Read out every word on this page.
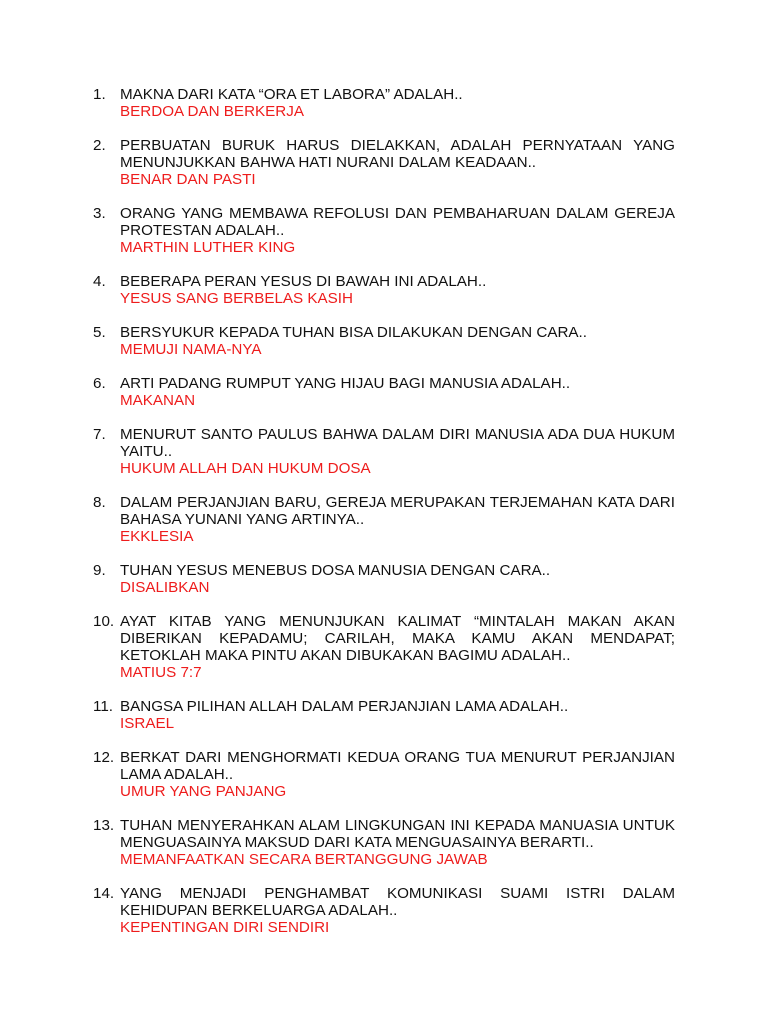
1. MAKNA DARI KATA “ORA ET LABORA” ADALAH..
BERDOA DAN BERKERJA
2. PERBUATAN BURUK HARUS DIELAKKAN, ADALAH PERNYATAAN YANG MENUNJUKKAN BAHWA HATI NURANI DALAM KEADAAN..
BENAR DAN PASTI
3. ORANG YANG MEMBAWA REFOLUSI DAN PEMBAHARUAN DALAM GEREJA PROTESTAN ADALAH..
MARTHIN LUTHER KING
4. BEBERAPA PERAN YESUS DI BAWAH INI ADALAH..
YESUS SANG BERBELAS KASIH
5. BERSYUKUR KEPADA TUHAN BISA DILAKUKAN DENGAN CARA..
MEMUJI NAMA-NYA
6. ARTI PADANG RUMPUT YANG HIJAU BAGI MANUSIA ADALAH..
MAKANAN
7. MENURUT SANTO PAULUS BAHWA DALAM DIRI MANUSIA ADA DUA HUKUM YAITU..
HUKUM ALLAH DAN HUKUM DOSA
8. DALAM PERJANJIAN BARU, GEREJA MERUPAKAN TERJEMAHAN KATA DARI BAHASA YUNANI YANG ARTINYA..
EKKLESIA
9. TUHAN YESUS MENEBUS DOSA MANUSIA DENGAN CARA..
DISALIBKAN
10. AYAT KITAB YANG MENUNJUKAN KALIMAT “MINTALAH MAKAN AKAN DIBERIKAN KEPADAMU; CARILAH, MAKA KAMU AKAN MENDAPAT; KETOKLAH MAKA PINTU AKAN DIBUKAKAN BAGIMU ADALAH..
MATIUS 7:7
11. BANGSA PILIHAN ALLAH DALAM PERJANJIAN LAMA ADALAH..
ISRAEL
12. BERKAT DARI MENGHORMATI KEDUA ORANG TUA MENURUT PERJANJIAN LAMA ADALAH..
UMUR YANG PANJANG
13. TUHAN MENYERAHKAN ALAM LINGKUNGAN INI KEPADA MANUASIA UNTUK MENGUASAINYA MAKSUD DARI KATA MENGUASAINYA BERARTI..
MEMANFAATKAN SECARA BERTANGGUNG JAWAB
14. YANG MENJADI PENGHAMBAT KOMUNIKASI SUAMI ISTRI DALAM KEHIDUPAN BERKELUARGA ADALAH..
KEPENTINGAN DIRI SENDIRI
